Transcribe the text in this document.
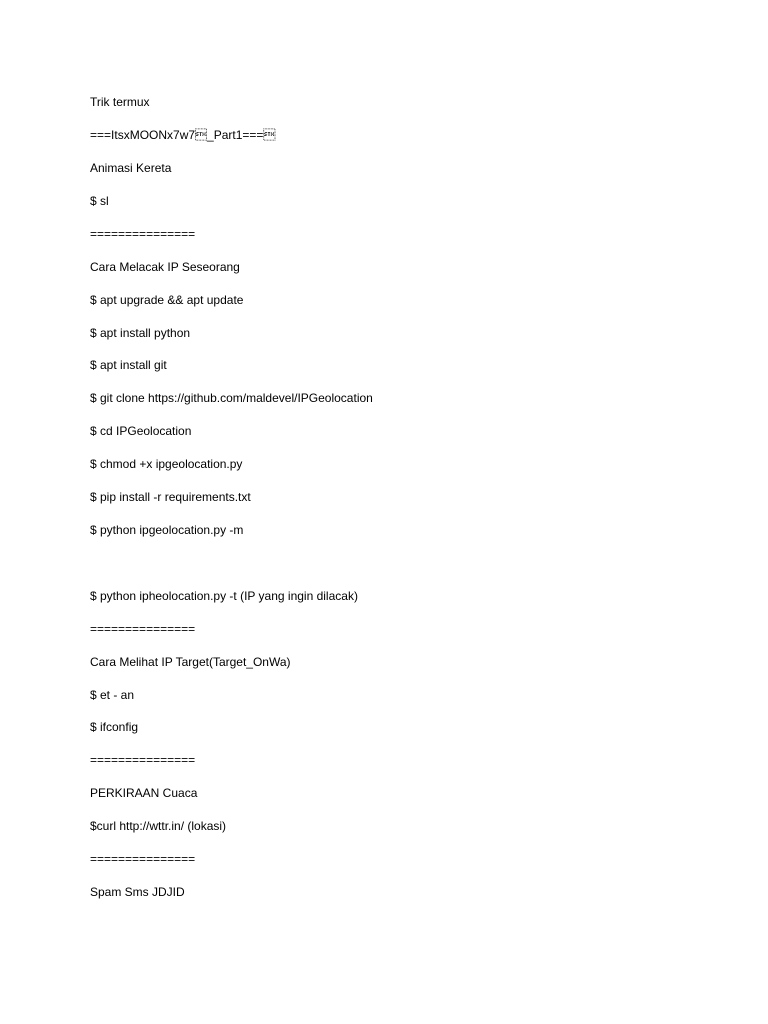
Trik termux

===ItsxMOONx7w7_Part1===

Animasi Kereta

$ sl

===============

Cara Melacak IP Seseorang

$ apt upgrade && apt update

$ apt install python

$ apt install git

$ git clone https://github.com/maldevel/IPGeolocation

$ cd IPGeolocation

$ chmod +x ipgeolocation.py

$ pip install -r requirements.txt

$ python ipgeolocation.py -m

$ python ipheolocation.py -t (IP yang ingin dilacak)

===============

Cara Melihat IP Target(Target_OnWa)

$ et - an

$ ifconfig

===============

PERKIRAAN Cuaca

$curl http://wttr.in/ (lokasi)

===============

Spam Sms JDJID
